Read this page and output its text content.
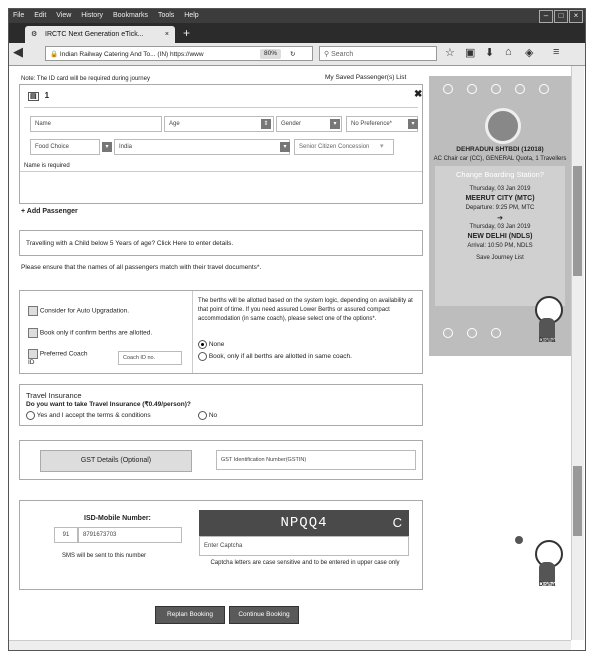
File Edit View History Bookmarks Tools Help	– □ ×
⚙ IRCTC Next Generation eTick...	× +
◀	🔒 Indian Railway Catering And To... (IN) https://www	80%	↻	⚲ Search	☆ ▣ ⬇ ⌂ ◈ ≡
Note: The ID card will be required during journey	My Saved Passenger(s) List
▤ 1	✖
Name	Age	⇕	Gender	▾	No Preference*	▾
Food Choice	▾	India	▾	Senior Citizen Concession	▾
Name is required
+ Add Passenger
Travelling with a Child below 5 Years of age? Click Here to enter details.
Please ensure that the names of all passengers match with their travel documents*.
Consider for Auto Upgradation.
Book only if confirm berths are allotted.
Preferred Coach ID
Coach ID no.
The berths will be allotted based on the system logic, depending on availability at that point of time. If you need assured Lower Berths or assured compact accommodation (in same coach), please select one of the options*.
None
Book, only if all berths are allotted in same coach.
Travel Insurance
Do you want to take Travel Insurance (₹0.49/person)?
Yes and I accept the terms & conditions	No
GST Details (Optional)	GST Identification Number(GSTIN)
ISD-Mobile Number:
91	8791673703
SMS will be sent to this number
NPQQ4	C
Enter Captcha
Captcha letters are case sensitive and to be entered in upper case only
Replan Booking	Continue Booking
DEHRADUN SHTBDI (12018)
AC Chair car (CC), GENERAL Quota, 1 Travellers
Change Boarding Station?
Thursday, 03 Jan 2019
MEERUT CITY (MTC)
Departure: 9:25 PM, MTC
➔
Thursday, 03 Jan 2019
NEW DELHI (NDLS)
Arrival: 10:50 PM, NDLS
Save Journey List
Disha
Disha
